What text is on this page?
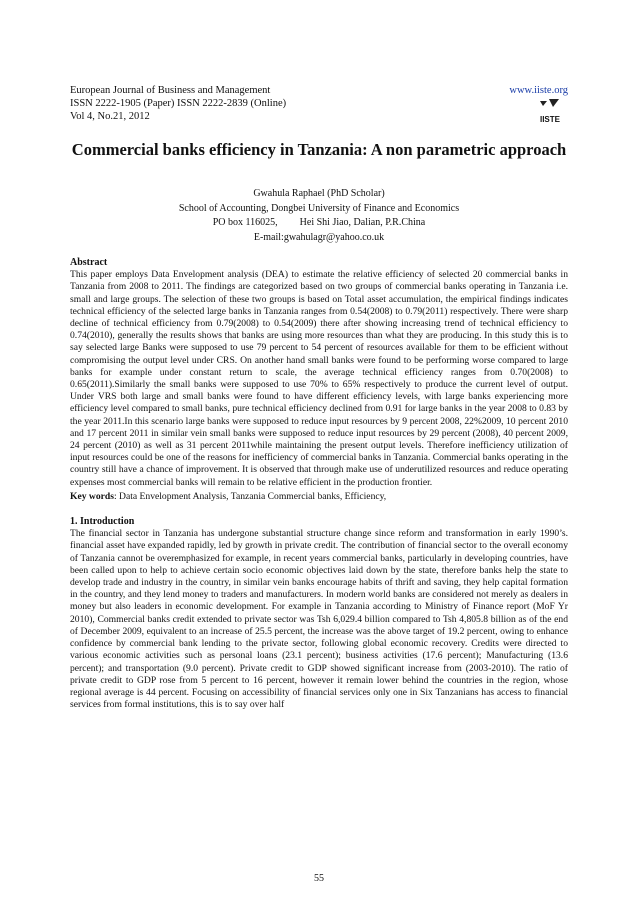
European Journal of Business and Management
ISSN 2222-1905 (Paper) ISSN 2222-2839 (Online)
Vol 4, No.21, 2012
www.iiste.org
IISTE
Commercial banks efficiency in Tanzania: A non parametric approach
Gwahula Raphael (PhD Scholar)
School of Accounting, Dongbei University of Finance and Economics
PO box 116025, Hei Shi Jiao, Dalian, P.R.China
E-mail:gwahulagr@yahoo.co.uk
Abstract

This paper employs Data Envelopment analysis (DEA) to estimate the relative efficiency of selected 20 commercial banks in Tanzania from 2008 to 2011. The findings are categorized based on two groups of commercial banks operating in Tanzania i.e. small and large groups. The selection of these two groups is based on Total asset accumulation, the empirical findings indicates technical efficiency of the selected large banks in Tanzania ranges from 0.54(2008) to 0.79(2011) respectively. There were sharp decline of technical efficiency from 0.79(2008) to 0.54(2009) there after showing increasing trend of technical efficiency to 0.74(2010), generally the results shows that banks are using more resources than what they are producing. In this study this is to say selected large Banks were supposed to use 79 percent to 54 percent of resources available for them to be efficient without compromising the output level under CRS. On another hand small banks were found to be performing worse compared to large banks for example under constant return to scale, the average technical efficiency ranges from 0.70(2008) to 0.65(2011).Similarly the small banks were supposed to use 70% to 65% respectively to produce the current level of output. Under VRS both large and small banks were found to have different efficiency levels, with large banks experiencing more efficiency level compared to small banks, pure technical efficiency declined from 0.91 for large banks in the year 2008 to 0.83 by the year 2011.In this scenario large banks were supposed to reduce input resources by 9 percent 2008, 22%2009, 10 percent 2010 and 17 percent 2011 in similar vein small banks were supposed to reduce input resources by 29 percent (2008), 40 percent 2009, 24 percent (2010) as well as 31 percent 2011while maintaining the present output levels. Therefore inefficiency utilization of input resources could be one of the reasons for inefficiency of commercial banks in Tanzania. Commercial banks operating in the country still have a chance of improvement. It is observed that through make use of underutilized resources and reduce operating expenses most commercial banks will remain to be relative efficient in the production frontier.

Key words: Data Envelopment Analysis, Tanzania Commercial banks, Efficiency,

1. Introduction

The financial sector in Tanzania has undergone substantial structure change since reform and transformation in early 1990’s. financial asset have expanded rapidly, led by growth in private credit. The contribution of financial sector to the overall economy of Tanzania cannot be overemphasized for example, in recent years commercial banks, particularly in developing countries, have been called upon to help to achieve certain socio economic objectives laid down by the state, therefore banks help the state to develop trade and industry in the country, in similar vein banks encourage habits of thrift and saving, they help capital formation in the country, and they lend money to traders and manufacturers. In modern world banks are considered not merely as dealers in money but also leaders in economic development. For example in Tanzania according to Ministry of Finance report (MoF Yr 2010), Commercial banks credit extended to private sector was Tsh 6,029.4 billion compared to Tsh 4,805.8 billion as of the end of December 2009, equivalent to an increase of 25.5 percent, the increase was the above target of 19.2 percent, owing to enhance confidence by commercial bank lending to the private sector, following global economic recovery. Credits were directed to various economic activities such as personal loans (23.1 percent); business activities (17.6 percent); Manufacturing (13.6 percent); and transportation (9.0 percent). Private credit to GDP showed significant increase from (2003-2010). The ratio of private credit to GDP rose from 5 percent to 16 percent, however it remain lower behind the countries in the region, whose regional average is 44 percent. Focusing on accessibility of financial services only one in Six Tanzanians has access to financial services from formal institutions, this is to say over half

55
